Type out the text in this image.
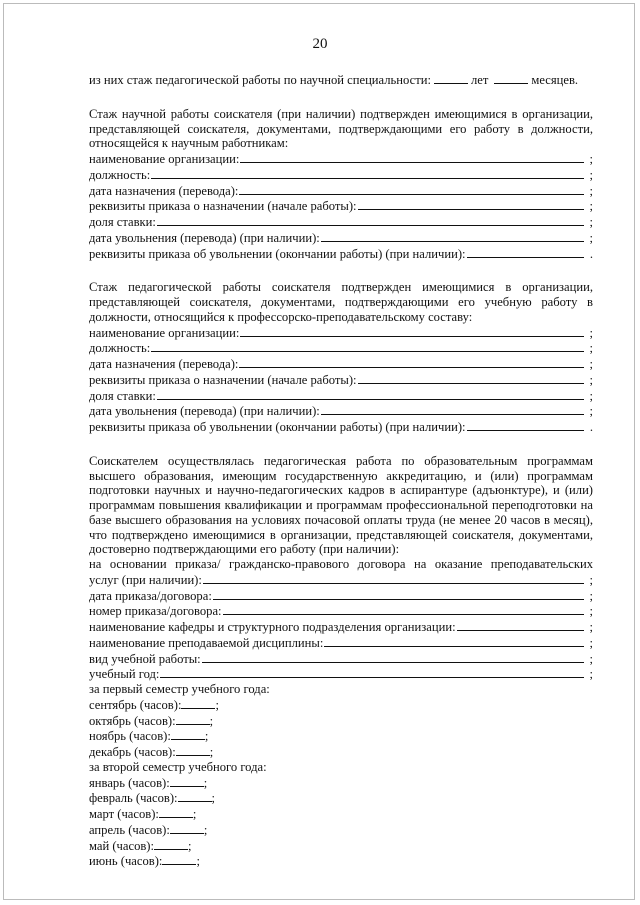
20
из них стаж педагогической работы по научной специальности:	лет	месяцев.
Стаж научной работы соискателя (при наличии) подтвержден имеющимися в организации, представляющей соискателя, документами, подтверждающими его работу в должности, относящейся к научным работникам:
наименование организации:	;
должность:	;
дата назначения (перевода):	;
реквизиты приказа о назначении (начале работы):	;
доля ставки:	;
дата увольнения (перевода) (при наличии):	;
реквизиты приказа об увольнении (окончании работы) (при наличии):	.
Стаж педагогической работы соискателя подтвержден имеющимися в организации, представляющей соискателя, документами, подтверждающими его учебную работу в должности, относящийся к профессорско-преподавательскому составу:
наименование организации:	;
должность:	;
дата назначения (перевода):	;
реквизиты приказа о назначении (начале работы):	;
доля ставки:	;
дата увольнения (перевода) (при наличии):	;
реквизиты приказа об увольнении (окончании работы) (при наличии):	.
Соискателем осуществлялась педагогическая работа по образовательным программам высшего образования, имеющим государственную аккредитацию, и (или) программам подготовки научных и научно-педагогических кадров в аспирантуре (адъюнктуре), и (или) программам повышения квалификации и программам профессиональной переподготовки на базе высшего образования на условиях почасовой оплаты труда (не менее 20 часов в месяц), что подтверждено имеющимися в организации, представляющей соискателя, документами, достоверно подтверждающими его работу (при наличии):
на основании приказа/ гражданско-правового договора на оказание преподавательских
услуг (при наличии):	;
дата приказа/договора:	;
номер приказа/договора:	;
наименование кафедры и структурного подразделения организации:	;
наименование преподаваемой дисциплины:	;
вид учебной работы:	;
учебный год:	;
за первый семестр учебного года:
сентябрь (часов):	;
октябрь (часов):	;
ноябрь (часов):	;
декабрь (часов):	;
за второй семестр учебного года:
январь (часов):	;
февраль (часов):	;
март (часов):	;
апрель (часов):	;
май (часов):	;
июнь (часов):	;
